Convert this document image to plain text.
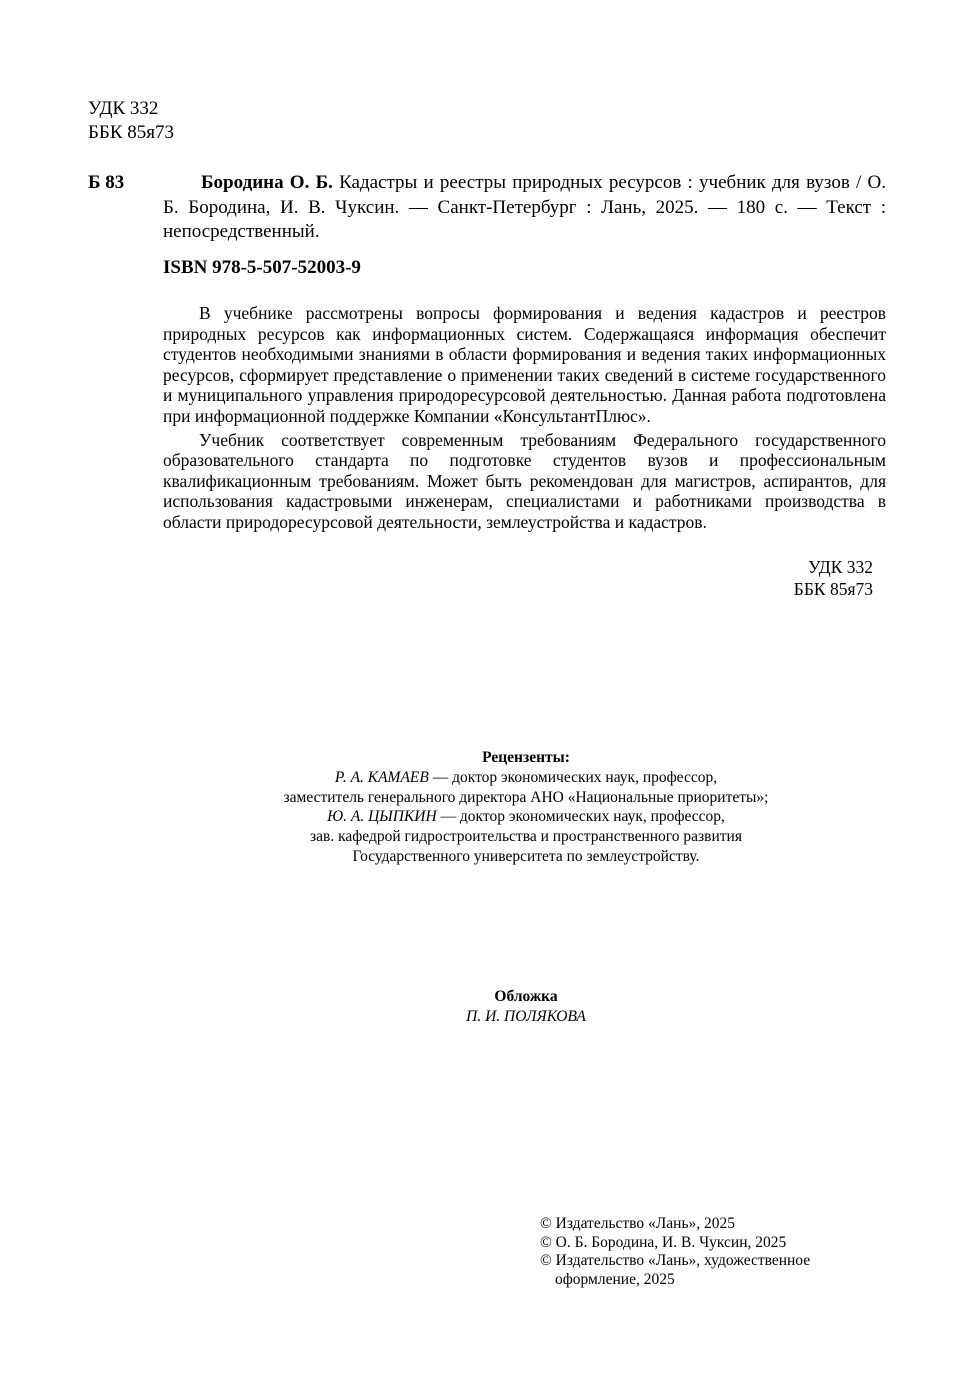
УДК 332
ББК 85я73
Б 83	Бородина О. Б. Кадастры и реестры природных ресурсов : учебник для вузов / О. Б. Бородина, И. В. Чуксин. — Санкт-Петербург : Лань, 2025. — 180 с. — Текст : непосредственный.
ISBN 978-5-507-52003-9

В учебнике рассмотрены вопросы формирования и ведения кадастров и реестров природных ресурсов как информационных систем. Содержащаяся информация обеспечит студентов необходимыми знаниями в области формирования и ведения таких информационных ресурсов, сформирует представление о применении таких сведений в системе государственного и муниципального управления природоресурсовой деятельностью. Данная работа подготовлена при информационной поддержке Компании «КонсультантПлюс».

Учебник соответствует современным требованиям Федерального государственного образовательного стандарта по подготовке студентов вузов и профессиональным квалификационным требованиям. Может быть рекомендован для магистров, аспирантов, для использования кадастровыми инженерам, специалистами и работниками производства в области природоресурсовой деятельности, землеустройства и кадастров.

УДК 332
ББК 85я73
Рецензенты:
Р. А. КАМАЕВ — доктор экономических наук, профессор,
заместитель генерального директора АНО «Национальные приоритеты»;
Ю. А. ЦЫПКИН — доктор экономических наук, профессор,
зав. кафедрой гидростроительства и пространственного развития
Государственного университета по землеустройству.
Обложка
П. И. ПОЛЯКОВА
© Издательство «Лань», 2025
© О. Б. Бородина, И. В. Чуксин, 2025
© Издательство «Лань», художественное оформление, 2025
